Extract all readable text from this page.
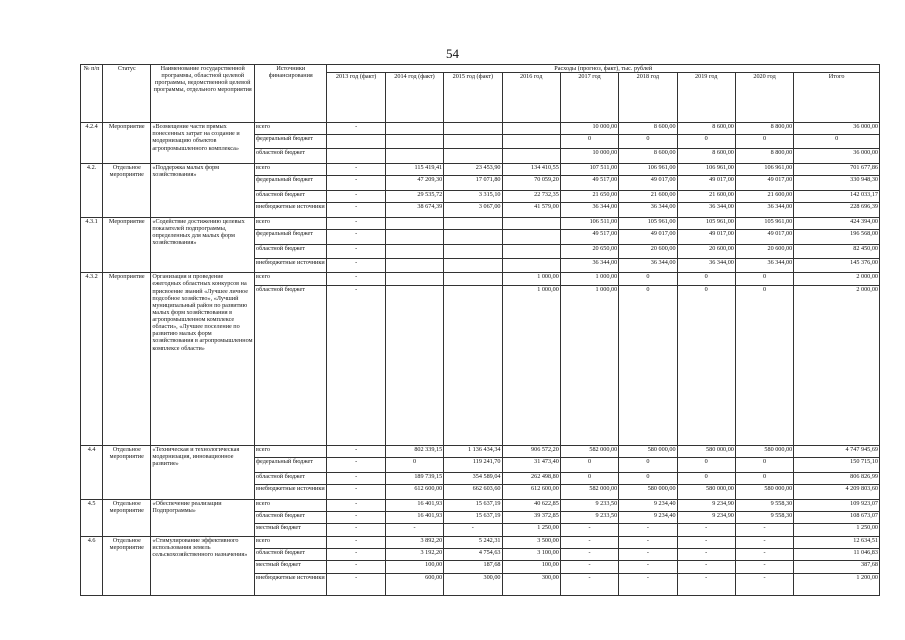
54
№ п/п	Статус	Наименование государственной программы, областной целевой программы, ведомственной целевой программы, отдельного мероприятия	Источники финансирования	Расходы (прогноз, факт), тыс. рублей								
				2013 год (факт)	2014 год (факт)	2015 год (факт)	2016 год	2017 год	2018 год	2019 год	2020 год	Итого
4.2.4	Мероприятие	«Возмещение части прямых понесенных затрат на создание и модернизацию объектов агропромышленного комплекса»	всего	-				10 000,00	8 600,00	8 600,00	8 800,00	36 000,00
			федеральный бюджет					0	0	0	0	0
			областной бюджет					10 000,00	8 600,00	8 600,00	8 800,00	36 000,00
4.2.	Отдельное мероприятие	«Поддержка малых форм хозяйствования»	всего	-	115 419,41	23 453,90	134 410,55	107 511,00	106 961,00	106 961,00	106 961,00	701 677,86
			федеральный бюджет	-	47 209,30	17 071,80	70 059,20	49 517,00	49 017,00	49 017,00	49 017,00	330 948,30
			областной бюджет	-	29 535,72	3 315,10	22 732,35	21 650,00	21 600,00	21 600,00	21 600,00	142 033,17
			внебюджетные источники	-	38 674,39	3 067,00	41 579,00	36 344,00	36 344,00	36 344,00	36 344,00	228 696,39
4.3.1	Мероприятие	«Содействие достижению целевых показателей подпрограммы, определенных для малых форм хозяйствования»	всего	-				106 511,00	105 961,00	105 961,00	105 961,00	424 394,00
			федеральный бюджет	-				49 517,00	49 017,00	49 017,00	49 017,00	196 568,00
			областной бюджет	-				20 650,00	20 600,00	20 600,00	20 600,00	82 450,00
			внебюджетные источники	-				36 344,00	36 344,00	36 344,00	36 344,00	145 376,00
4.3.2	Мероприятие	Организация и проведение ежегодных областных конкурсов на присвоение званий «Лучшее личное подсобное хозяйство», «Лучший муниципальный район по развитию малых форм хозяйствования в агропромышленном комплексе области», «Лучшее поселение по развитию малых форм хозяйствования в агропромышленном комплексе области»	всего	-			1 000,00	1 000,00	0	0	0	2 000,00
			областной бюджет	-			1 000,00	1 000,00	0	0	0	2 000,00
4.4	Отдельное мероприятие	«Техническая и технологическая модернизация, инновационное развитие»	всего	-	802 339,15	1 136 434,34	906 572,20	582 000,00	580 000,00	580 000,00	580 000,00	4 747 945,69
			федеральный бюджет	-	0	119 241,70	31 473,40	0	0	0	0	150 715,10
			областной бюджет	-	189 739,15	354 589,04	262 498,80	0	0	0	0	806 826,99
			внебюджетные источники	-	612 600,00	662 603,60	612 600,00	582 000,00	580 000,00	580 000,00	580 000,00	4 209 803,60
4.5	Отдельное мероприятие	«Обеспечение реализации Подпрограммы»	всего	-	16 401,93	15 637,19	40 622,85	9 233,50	9 234,40	9 234,90	9 558,30	109 923,07
			областной бюджет	-	16 401,93	15 637,19	39 372,85	9 233,50	9 234,40	9 234,90	9 558,30	108 673,07
			местный бюджет	-	-	-	1 250,00	-	-	-	-	1 250,00
4.6	Отдельное мероприятие	«Стимулирование эффективного использования земель сельскохозяйственного назначения»	всего	-	3 892,20	5 242,31	3 500,00	-	-	-	-	12 634,51
			областной бюджет	-	3 192,20	4 754,63	3 100,00	-	-	-	-	11 046,83
			местный бюджет	-	100,00	187,68	100,00	-	-	-	-	387,68
			внебюджетные источники	-	600,00	300,00	300,00	-	-	-	-	1 200,00
